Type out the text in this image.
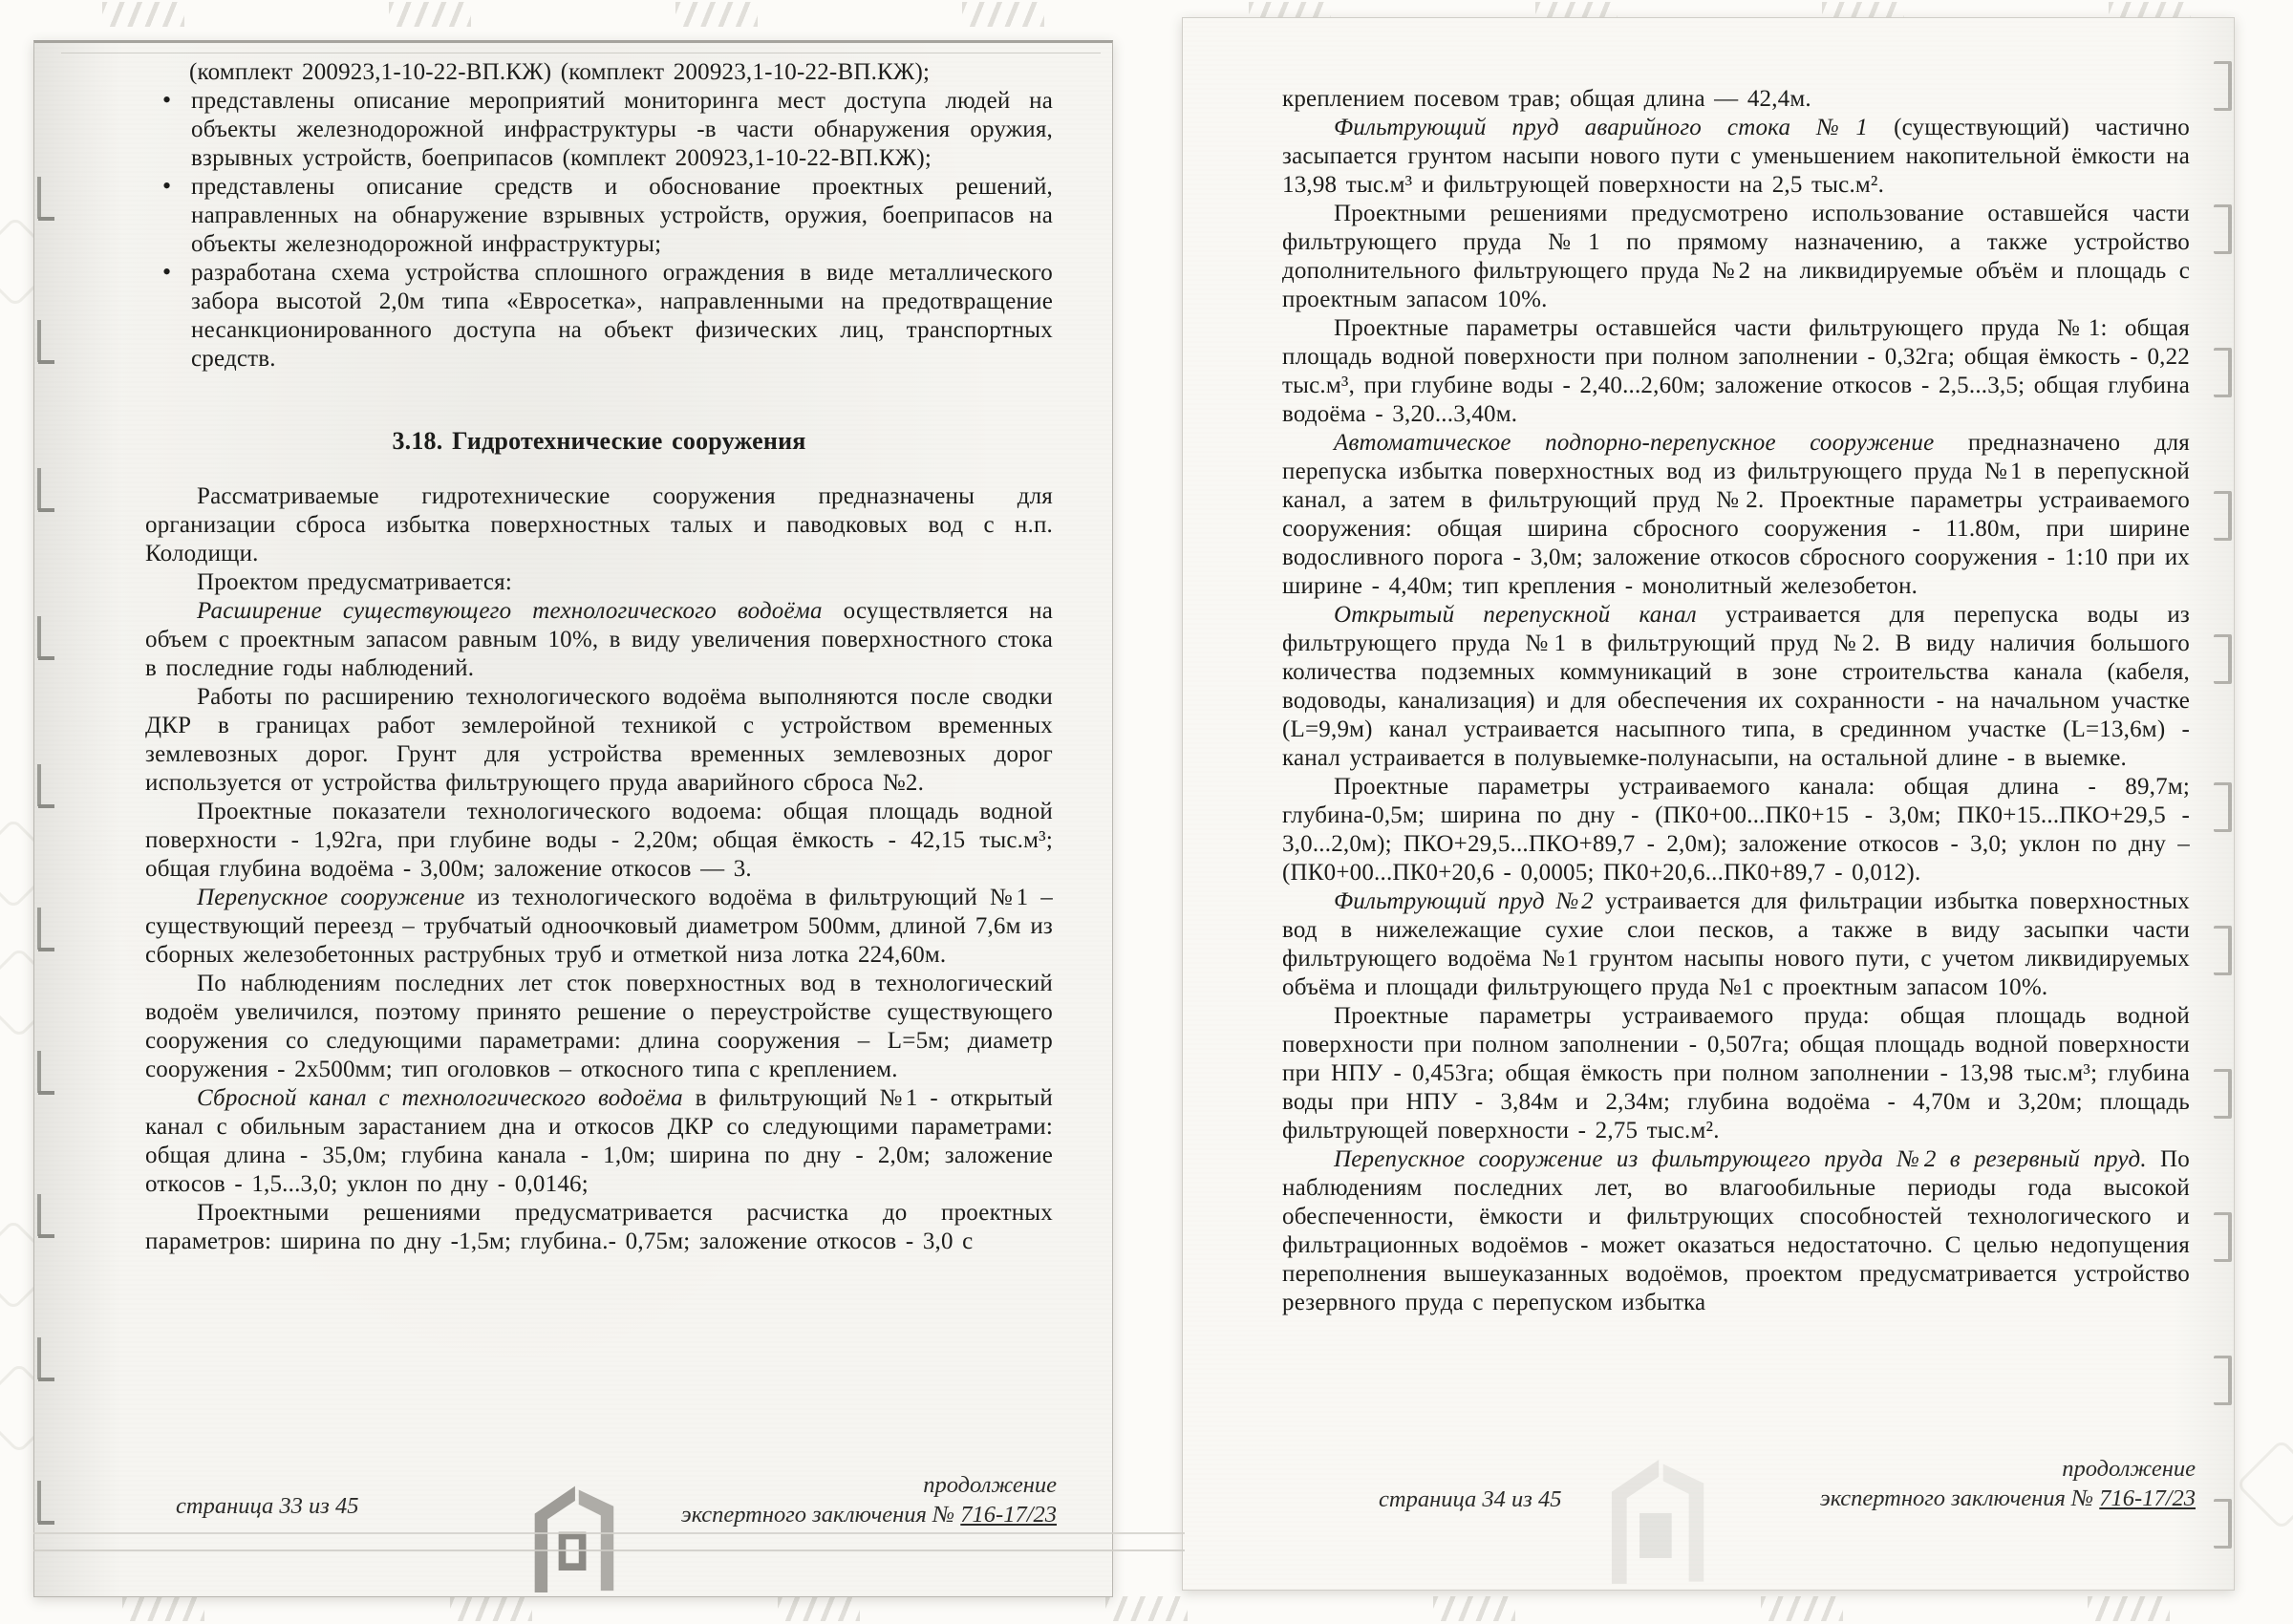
(комплект 200923,1-10-22-ВП.КЖ) (комплект 200923,1-10-22-ВП.КЖ);

• представлены описание мероприятий мониторинга мест доступа людей на объекты железнодорожной инфраструктуры -в части обнаружения оружия, взрывных устройств, боеприпасов (комплект 200923,1-10-22-ВП.КЖ);
• представлены описание средств и обоснование проектных решений, направленных на обнаружение взрывных устройств, оружия, боеприпасов на объекты железнодорожной инфраструктуры;
• разработана схема устройства сплошного ограждения в виде металлического забора высотой 2,0м типа «Евросетка», направленными на предотвращение несанкционированного доступа на объект физических лиц, транспортных средств.
3.18. Гидротехнические сооружения

Рассматриваемые гидротехнические сооружения предназначены для организации сброса избытка поверхностных талых и паводковых вод с н.п. Колодищи.

Проектом предусматривается:

Расширение существующего технологического водоёма осуществляется на объем с проектным запасом равным 10%, в виду увеличения поверхностного стока в последние годы наблюдений.

Работы по расширению технологического водоёма выполняются после сводки ДКР в границах работ землеройной техникой с устройством временных землевозных дорог. Грунт для устройства временных землевозных дорог используется от устройства фильтрующего пруда аварийного сброса №2.

Проектные показатели технологического водоема: общая площадь водной поверхности - 1,92га, при глубине воды - 2,20м; общая ёмкость - 42,15 тыс.м³; общая глубина водоёма - 3,00м; заложение откосов — 3.

Перепускное сооружение из технологического водоёма в фильтрующий №1 – существующий переезд – трубчатый одноочковый диаметром 500мм, длиной 7,6м из сборных железобетонных раструбных труб и отметкой низа лотка 224,60м.

По наблюдениям последних лет сток поверхностных вод в технологический водоём увеличился, поэтому принято решение о переустройстве существующего сооружения со следующими параметрами: длина сооружения – L=5м; диаметр сооружения - 2х500мм; тип оголовков – откосного типа с креплением.

Сбросной канал с технологического водоёма в фильтрующий №1 - открытый канал с обильным зарастанием дна и откосов ДКР со следующими параметрами: общая длина - 35,0м; глубина канала - 1,0м; ширина по дну - 2,0м; заложение откосов - 1,5...3,0; уклон по дну - 0,0146;

Проектными решениями предусматривается расчистка до проектных параметров: ширина по дну -1,5м; глубина.- 0,75м; заложение откосов - 3,0 с

страница 33 из 45
продолжение
экспертного заключения № 716-17/23

креплением посевом трав; общая длина — 42,4м.

Фильтрующий пруд аварийного стока №1 (существующий) частично засыпается грунтом насыпи нового пути с уменьшением накопительной ёмкости на 13,98 тыс.м³ и фильтрующей поверхности на 2,5 тыс.м².

Проектными решениями предусмотрено использование оставшейся части фильтрующего пруда №1 по прямому назначению, а также устройство дополнительного фильтрующего пруда №2 на ликвидируемые объём и площадь с проектным запасом 10%.

Проектные параметры оставшейся части фильтрующего пруда №1: общая площадь водной поверхности при полном заполнении - 0,32га; общая ёмкость - 0,22 тыс.м³, при глубине воды - 2,40...2,60м; заложение откосов - 2,5...3,5; общая глубина водоёма - 3,20...3,40м.

Автоматическое подпорно-перепускное сооружение предназначено для перепуска избытка поверхностных вод из фильтрующего пруда №1 в перепускной канал, а затем в фильтрующий пруд №2. Проектные параметры устраиваемого сооружения: общая ширина сбросного сооружения - 11.80м, при ширине водосливного порога - 3,0м; заложение откосов сбросного сооружения - 1:10 при их ширине - 4,40м; тип крепления - монолитный железобетон.

Открытый перепускной канал устраивается для перепуска воды из фильтрующего пруда №1 в фильтрующий пруд №2. В виду наличия большого количества подземных коммуникаций в зоне строительства канала (кабеля, водоводы, канализация) и для обеспечения их сохранности - на начальном участке (L=9,9м) канал устраивается насыпного типа, в срединном участке (L=13,6м) - канал устраивается в полувыемке-полунасыпи, на остальной длине - в выемке.

Проектные параметры устраиваемого канала: общая длина - 89,7м; глубина-0,5м; ширина по дну - (ПК0+00...ПК0+15 - 3,0м; ПК0+15...ПКО+29,5 - 3,0...2,0м); ПКО+29,5...ПКО+89,7 - 2,0м); заложение откосов - 3,0; уклон по дну – (ПК0+00...ПК0+20,6 - 0,0005; ПК0+20,6...ПК0+89,7 - 0,012).

Фильтрующий пруд №2 устраивается для фильтрации избытка поверхностных вод в нижележащие сухие слои песков, а также в виду засыпки части фильтрующего водоёма №1 грунтом насыпы нового пути, с учетом ликвидируемых объёма и площади фильтрующего пруда №1 с проектным запасом 10%.

Проектные параметры устраиваемого пруда: общая площадь водной поверхности при полном заполнении - 0,507га; общая площадь водной поверхности при НПУ - 0,453га; общая ёмкость при полном заполнении - 13,98 тыс.м³; глубина воды при НПУ - 3,84м и 2,34м; глубина водоёма - 4,70м и 3,20м; площадь фильтрующей поверхности - 2,75 тыс.м².

Перепускное сооружение из фильтрующего пруда №2 в резервный пруд. По наблюдениям последних лет, во влагообильные периоды года высокой обеспеченности, ёмкости и фильтрующих способностей технологического и фильтрационных водоёмов - может оказаться недостаточно. С целью недопущения переполнения вышеуказанных водоёмов, проектом предусматривается устройство резервного пруда с перепуском избытка

страница 34 из 45
продолжение
экспертного заключения № 716-17/23
